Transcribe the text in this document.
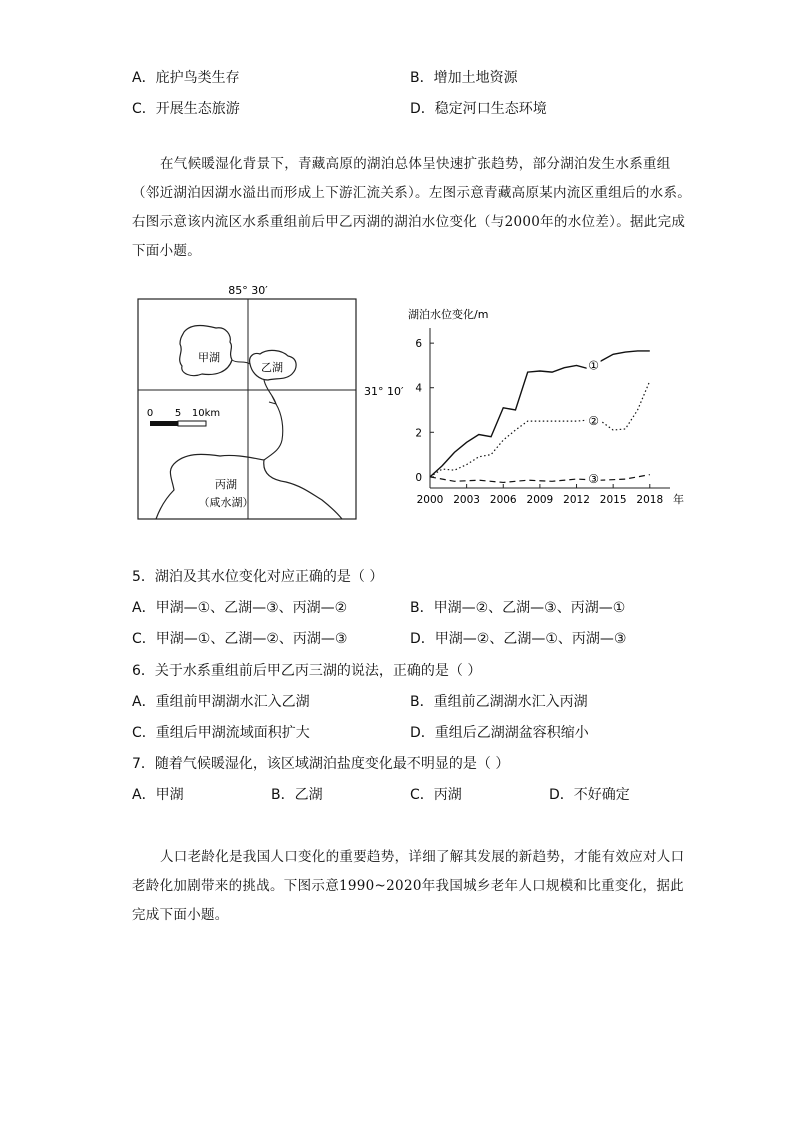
A．庇护鸟类生存	B．增加土地资源
C．开展生态旅游	D．稳定河口生态环境

在气候暖湿化背景下，青藏高原的湖泊总体呈快速扩张趋势，部分湖泊发生水系重组（邻近湖泊因湖水溢出而形成上下游汇流关系）。左图示意青藏高原某内流区重组后的水系。右图示意该内流区水系重组前后甲乙丙湖的湖泊水位变化（与2000年的水位差）。据此完成下面小题。

85° 30′
31° 10′
甲湖
乙湖
丙湖
（咸水湖）
0 5 10km
湖泊水位变化/m
2000 2003 2006 2009 2012 2015 2018 年
0
2
4
6
①
②
③
5．湖泊及其水位变化对应正确的是（ ）
A．甲湖—①、乙湖—③、丙湖—②	B．甲湖—②、乙湖—③、丙湖—①
C．甲湖—①、乙湖—②、丙湖—③	D．甲湖—②、乙湖—①、丙湖—③
6．关于水系重组前后甲乙丙三湖的说法，正确的是（ ）
A．重组前甲湖湖水汇入乙湖	B．重组前乙湖湖水汇入丙湖
C．重组后甲湖流域面积扩大	D．重组后乙湖湖盆容积缩小
7．随着气候暖湿化，该区域湖泊盐度变化最不明显的是（ ）
A．甲湖	B．乙湖	C．丙湖	D．不好确定

人口老龄化是我国人口变化的重要趋势，详细了解其发展的新趋势，才能有效应对人口老龄化加剧带来的挑战。下图示意1990~2020年我国城乡老年人口规模和比重变化，据此完成下面小题。
